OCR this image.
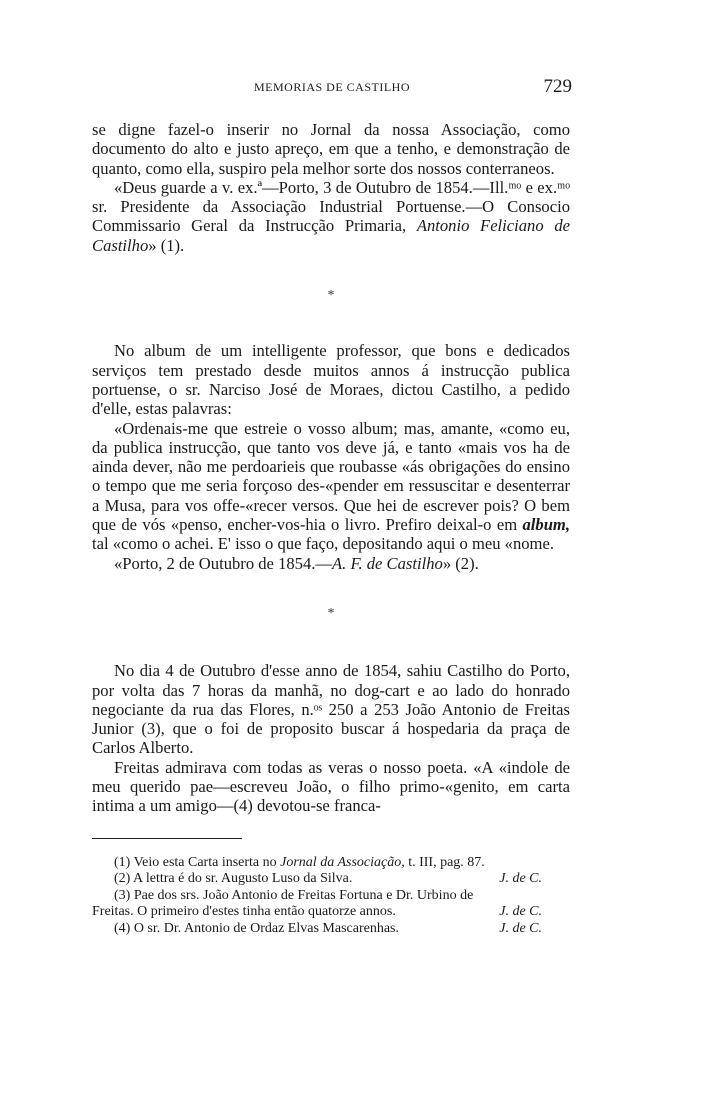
MEMORIAS DE CASTILHO	729

se digne fazel-o inserir no Jornal da nossa Associação, como documento do alto e justo apreço, em que a tenho, e demonstração de quanto, como ella, suspiro pela melhor sorte dos nossos conterraneos.

«Deus guarde a v. ex.ª—Porto, 3 de Outubro de 1854.—Ill.ᵐᵒ e ex.ᵐᵒ sr. Presidente da Associação Industrial Portuense.—O Consocio Commissario Geral da Instrucção Primaria, Antonio Feliciano de Castilho» (1).

*

No album de um intelligente professor, que bons e dedicados serviços tem prestado desde muitos annos á instrucção publica portuense, o sr. Narciso José de Moraes, dictou Castilho, a pedido d'elle, estas palavras:

«Ordenais-me que estreie o vosso album; mas, amante, «como eu, da publica instrucção, que tanto vos deve já, e tanto «mais vos ha de ainda dever, não me perdoarieis que roubasse «ás obrigações do ensino o tempo que me seria forçoso des-«pender em ressuscitar e desenterrar a Musa, para vos offe-«recer versos. Que hei de escrever pois? O bem que de vós «penso, encher-vos-hia o livro. Prefiro deixal-o em album, tal «como o achei. E' isso o que faço, depositando aqui o meu «nome.

«Porto, 2 de Outubro de 1854.—A. F. de Castilho» (2).

*

No dia 4 de Outubro d'esse anno de 1854, sahiu Castilho do Porto, por volta das 7 horas da manhã, no dog-cart e ao lado do honrado negociante da rua das Flores, n.ᵒˢ 250 a 253 João Antonio de Freitas Junior (3), que o foi de proposito buscar á hospedaria da praça de Carlos Alberto.

Freitas admirava com todas as veras o nosso poeta. «A «indole de meu querido pae—escreveu João, o filho primo-«genito, em carta intima a um amigo—(4) devotou-se franca-

(1) Veio esta Carta inserta no Jornal da Associação, t. III, pag. 87.
(2) A lettra é do sr. Augusto Luso da Silva.	J. de C.
(3) Pae dos srs. João Antonio de Freitas Fortuna e Dr. Urbino de
Freitas. O primeiro d'estes tinha então quatorze annos.	J. de C.
(4) O sr. Dr. Antonio de Ordaz Elvas Mascarenhas.	J. de C.
